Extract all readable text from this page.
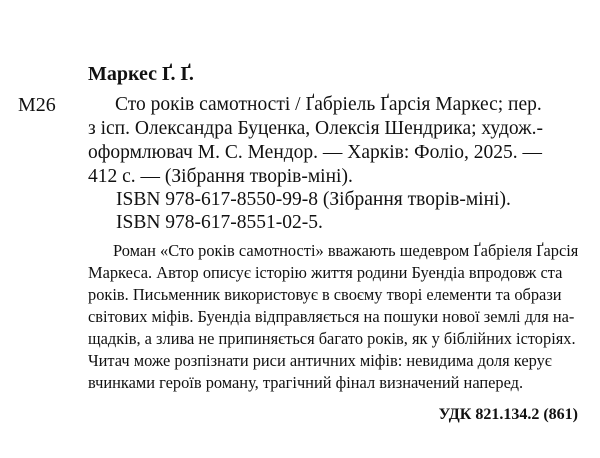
Маркес Ґ. Ґ.
М26	Сто років самотності / Ґабріель Ґарсія Маркес; пер.
з ісп. Олександра Буценка, Олексія Шендрика; худож.-
оформлювач М. С. Мендор. — Харків: Фоліо, 2025. —
412 с. — (Зібрання творів-міні).
ISBN 978-617-8550-99-8 (Зібрання творів-міні).
ISBN 978-617-8551-02-5.
Роман «Сто років самотності» вважають шедевром Ґабріеля Ґарсія
Маркеса. Автор описує історію життя родини Буендіа впродовж ста
років. Письменник використовує в своєму творі елементи та образи
світових міфів. Буендіа відправляється на пошуки нової землі для на-
щадків, а злива не припиняється багато років, як у біблійних історіях.
Читач може розпізнати риси античних міфів: невидима доля керує
вчинками героїв роману, трагічний фінал визначений наперед.
УДК 821.134.2 (861)
